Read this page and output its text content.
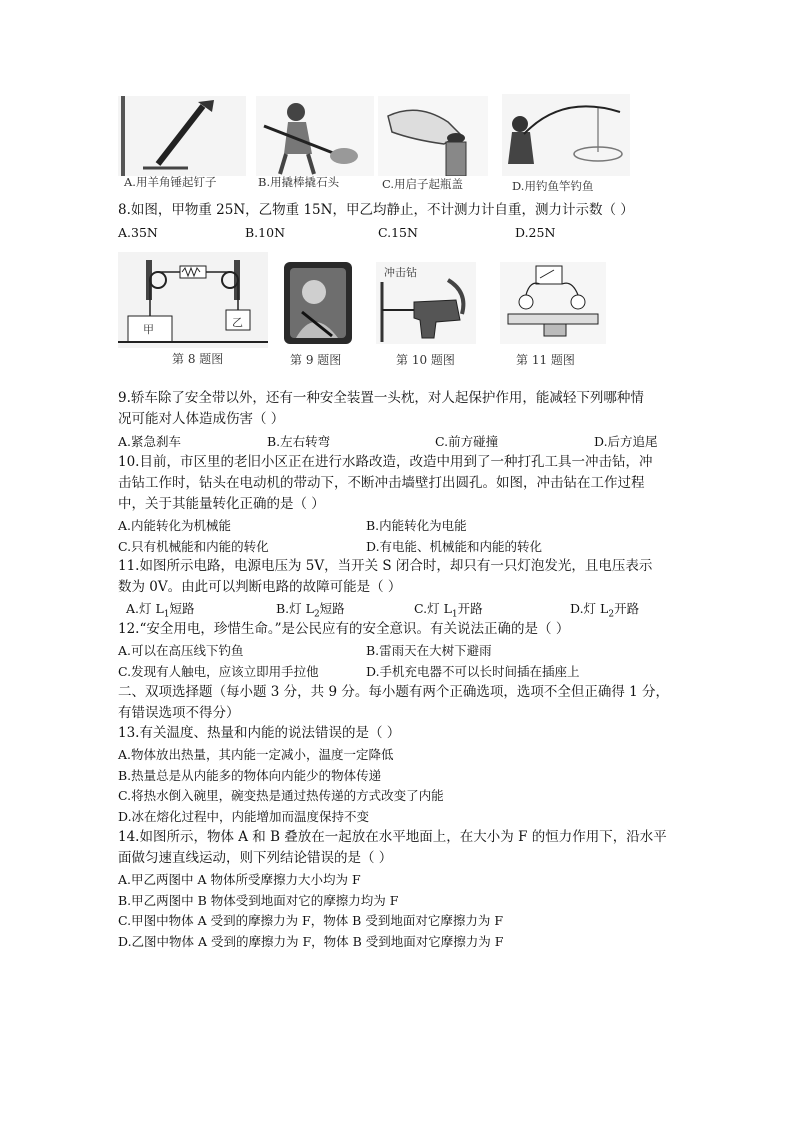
A.用羊角锤起钉子	B.用撬棒撬石头	C.用启子起瓶盖	D.用钓鱼竿钓鱼
8.如图，甲物重 25N，乙物重 15N，甲乙均静止，不计测力计自重，测力计示数（ ）
A.35N	B.10N	C.15N	D.25N
甲
乙
第 8 题图	第 9 题图
冲击钻
第 10 题图	第 11 题图
9.轿车除了安全带以外，还有一种安全装置一头枕，对人起保护作用，能减轻下列哪种情
况可能对人体造成伤害（ ）
A.紧急刹车	B.左右转弯	C.前方碰撞	D.后方追尾
10.目前，市区里的老旧小区正在进行水路改造，改造中用到了一种打孔工具一冲击钻，冲
击钻工作时，钻头在电动机的带动下，不断冲击墙壁打出圆孔。如图，冲击钻在工作过程
中，关于其能量转化正确的是（ ）
A.内能转化为机械能	B.内能转化为电能
C.只有机械能和内能的转化	D.有电能、机械能和内能的转化
11.如图所示电路，电源电压为 5V，当开关 S 闭合时，却只有一只灯泡发光，且电压表示
数为 0V。由此可以判断电路的故障可能是（ ）
A.灯 $L_1$短路	B.灯 $L_2$短路	C.灯 $L_1$开路	D.灯 $L_2$开路
12.“安全用电，珍惜生命。”是公民应有的安全意识。有关说法正确的是（ ）
A.可以在高压线下钓鱼	B.雷雨天在大树下避雨
C.发现有人触电，应该立即用手拉他	D.手机充电器不可以长时间插在插座上
二、双项选择题（每小题 3 分，共 9 分。每小题有两个正确选项，选项不全但正确得 1 分，
有错误选项不得分）
13.有关温度、热量和内能的说法错误的是（ ）
A.物体放出热量，其内能一定减小，温度一定降低
B.热量总是从内能多的物体向内能少的物体传递
C.将热水倒入碗里，碗变热是通过热传递的方式改变了内能
D.冰在熔化过程中，内能增加而温度保持不变
14.如图所示，物体 A 和 B 叠放在一起放在水平地面上，在大小为 F 的恒力作用下，沿水平
面做匀速直线运动，则下列结论错误的是（ ）
A.甲乙两图中 A 物体所受摩擦力大小均为 F
B.甲乙两图中 B 物体受到地面对它的摩擦力均为 F
C.甲图中物体 A 受到的摩擦力为 F，物体 B 受到地面对它摩擦力为 F
D.乙图中物体 A 受到的摩擦力为 F，物体 B 受到地面对它摩擦力为 F
